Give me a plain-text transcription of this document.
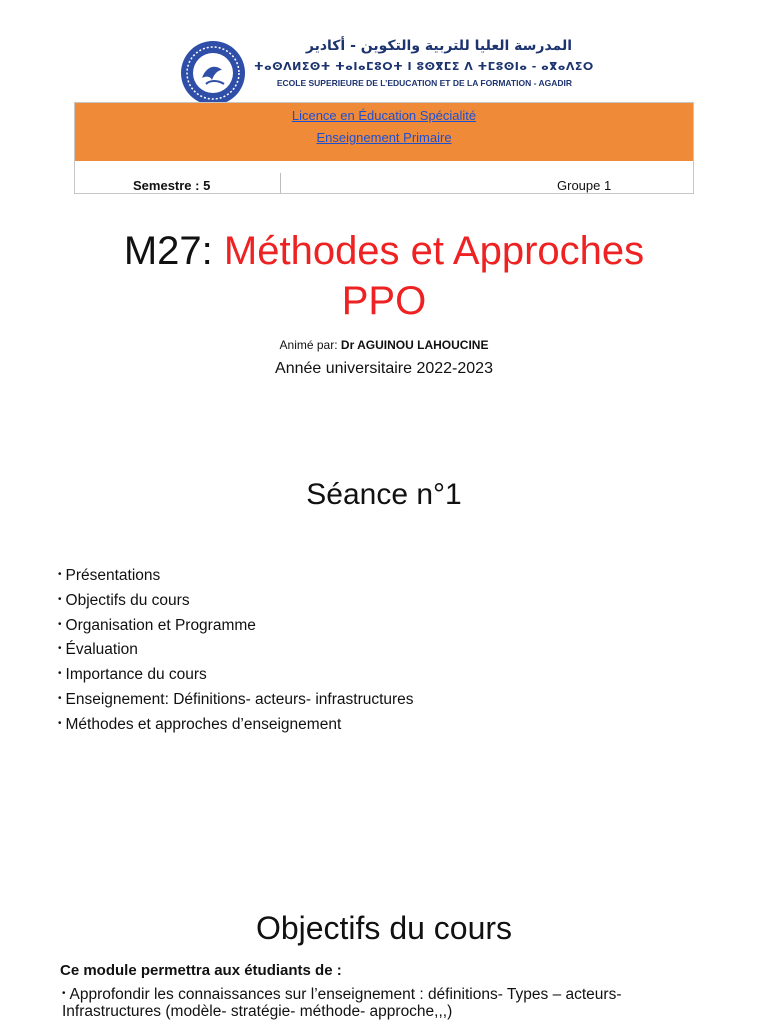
المدرسة العليا للتربية والتكوين - أكادير
ⵜⴰⵙⴷⵍⵉⵙⵜ ⵜⴰⵏⴰⵎⵓⵔⵜ ⵏ ⵓⵙⴳⵎⵉ ⴷ ⵜⵎⵓⵙⵏⴰ - ⴰⴳⴰⴷⵉⵔ
ECOLE SUPERIEURE DE L’EDUCATION ET DE LA FORMATION - AGADIR
Licence en Éducation Spécialité
Enseignement Primaire
Semestre : 5	Groupe 1
M27: Méthodes et Approches
PPO
Animé par: Dr AGUINOU LAHOUCINE
Année universitaire 2022-2023
Séance n°1
• Présentations
• Objectifs du cours
• Organisation et Programme
• Évaluation
• Importance du cours
• Enseignement: Définitions- acteurs- infrastructures
• Méthodes et approches d’enseignement
Objectifs du cours
Ce module permettra aux étudiants de :
• Approfondir les connaissances sur l’enseignement : définitions- Types – acteurs-
Infrastructures (modèle- stratégie- méthode- approche,,,)
